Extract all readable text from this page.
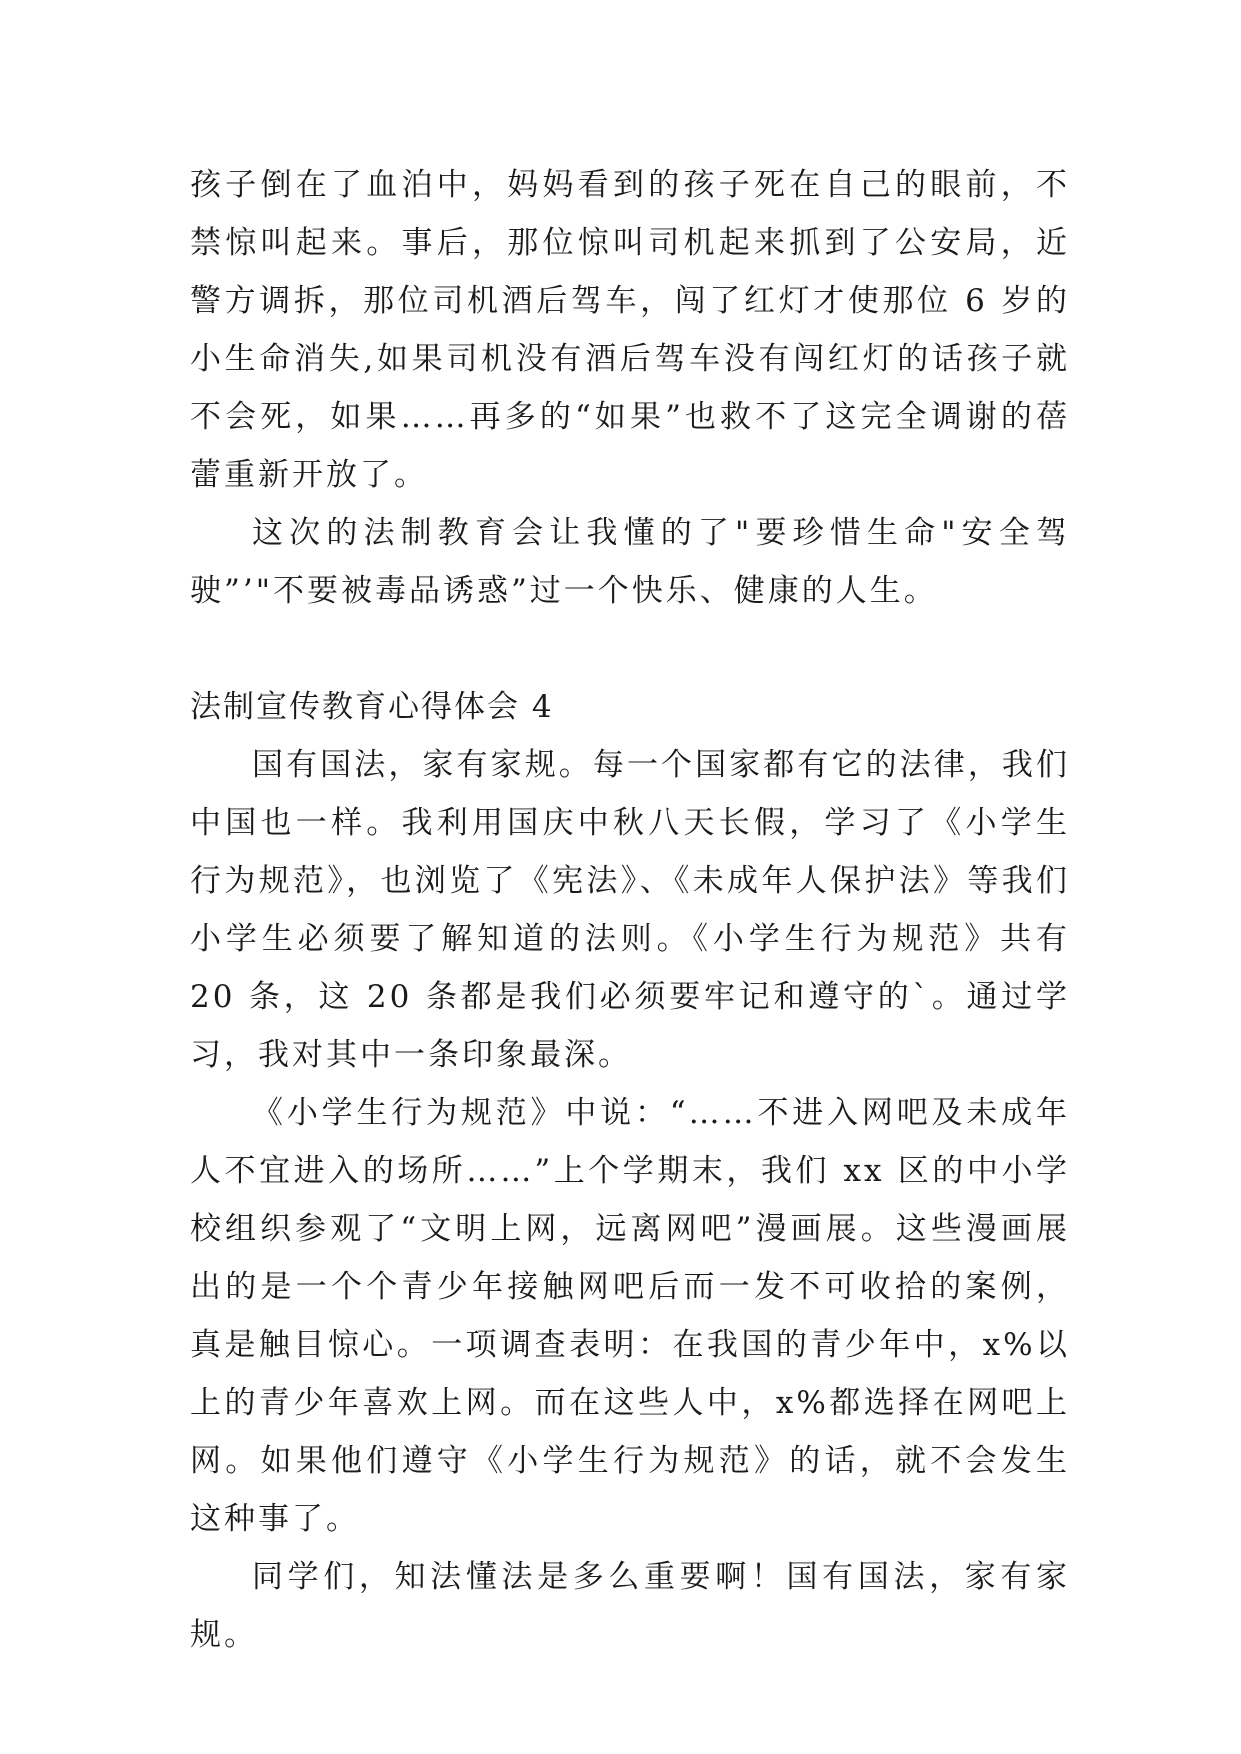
孩子倒在了血泊中，妈妈看到的孩子死在自己的眼前，不禁惊叫起来。事后，那位惊叫司机起来抓到了公安局，近警方调拆，那位司机酒后驾车，闯了红灯才使那位 6 岁的小生命消失,如果司机没有酒后驾车没有闯红灯的话孩子就不会死，如果……再多的“如果”也救不了这完全调谢的蓓蕾重新开放了。

这次的法制教育会让我懂的了"要珍惜生命"安全驾驶”’"不要被毒品诱惑”过一个快乐、健康的人生。

法制宣传教育心得体会 4

国有国法，家有家规。每一个国家都有它的法律，我们中国也一样。我利用国庆中秋八天长假，学习了《小学生行为规范》，也浏览了《宪法》、《未成年人保护法》等我们小学生必须要了解知道的法则。《小学生行为规范》共有 20 条，这 20 条都是我们必须要牢记和遵守的`。通过学习，我对其中一条印象最深。

《小学生行为规范》中说：“……不进入网吧及未成年人不宜进入的场所……”上个学期末，我们 xx 区的中小学校组织参观了“文明上网，远离网吧”漫画展。这些漫画展出的是一个个青少年接触网吧后而一发不可收拾的案例，真是触目惊心。一项调查表明：在我国的青少年中，x%以上的青少年喜欢上网。而在这些人中，x%都选择在网吧上网。如果他们遵守《小学生行为规范》的话，就不会发生这种事了。

同学们，知法懂法是多么重要啊！国有国法，家有家规。
